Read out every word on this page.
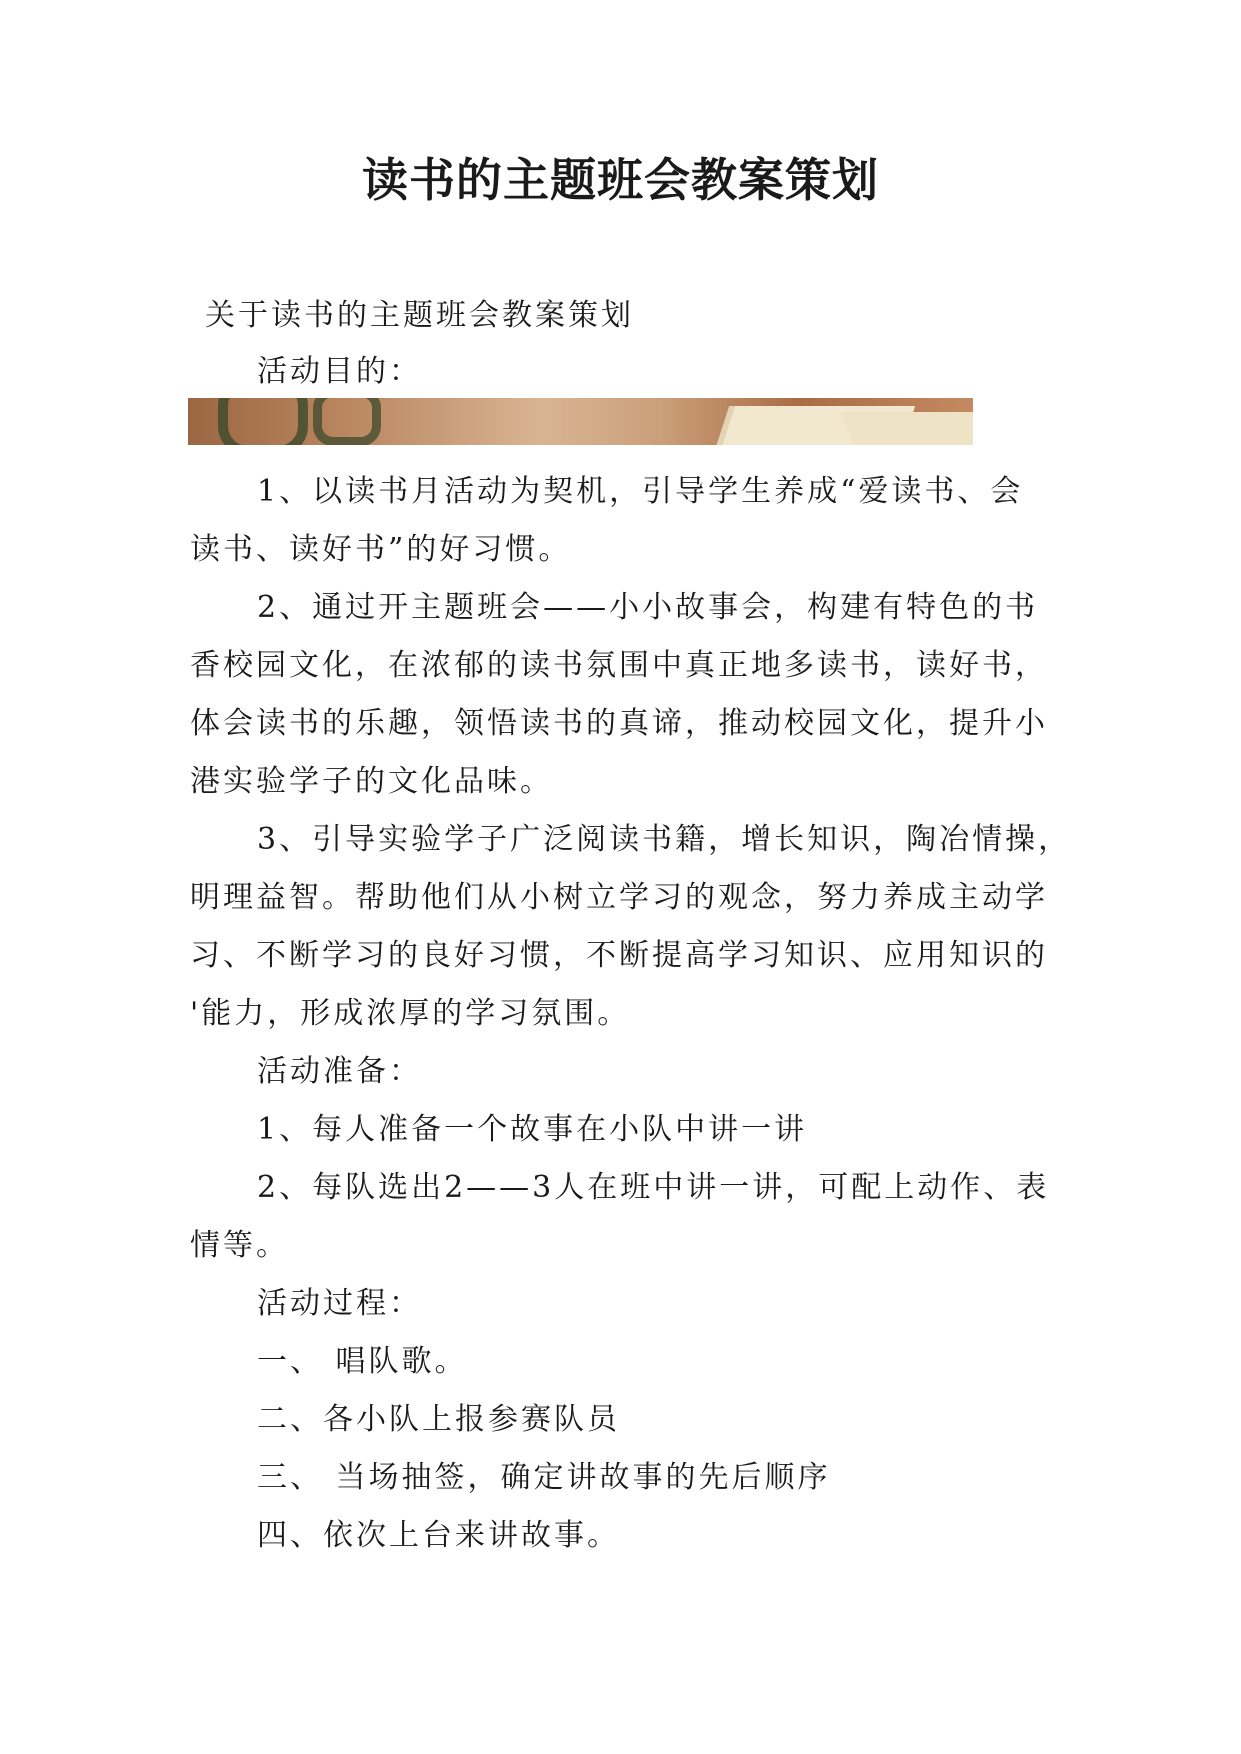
读书的主题班会教案策划

关于读书的主题班会教案策划

活动目的：

1、以读书月活动为契机，引导学生养成“爱读书、会

读书、读好书”的好习惯。

2、通过开主题班会——小小故事会，构建有特色的书

香校园文化，在浓郁的读书氛围中真正地多读书，读好书，

体会读书的乐趣，领悟读书的真谛，推动校园文化，提升小

港实验学子的文化品味。

3、引导实验学子广泛阅读书籍，增长知识，陶冶情操，

明理益智。帮助他们从小树立学习的观念，努力养成主动学

习、不断学习的良好习惯，不断提高学习知识、应用知识的

'能力，形成浓厚的学习氛围。

活动准备：

1、每人准备一个故事在小队中讲一讲

2、每队选出2——3人在班中讲一讲，可配上动作、表

情等。

活动过程：

一、 唱队歌。

二、各小队上报参赛队员

三、 当场抽签，确定讲故事的先后顺序

四、依次上台来讲故事。
